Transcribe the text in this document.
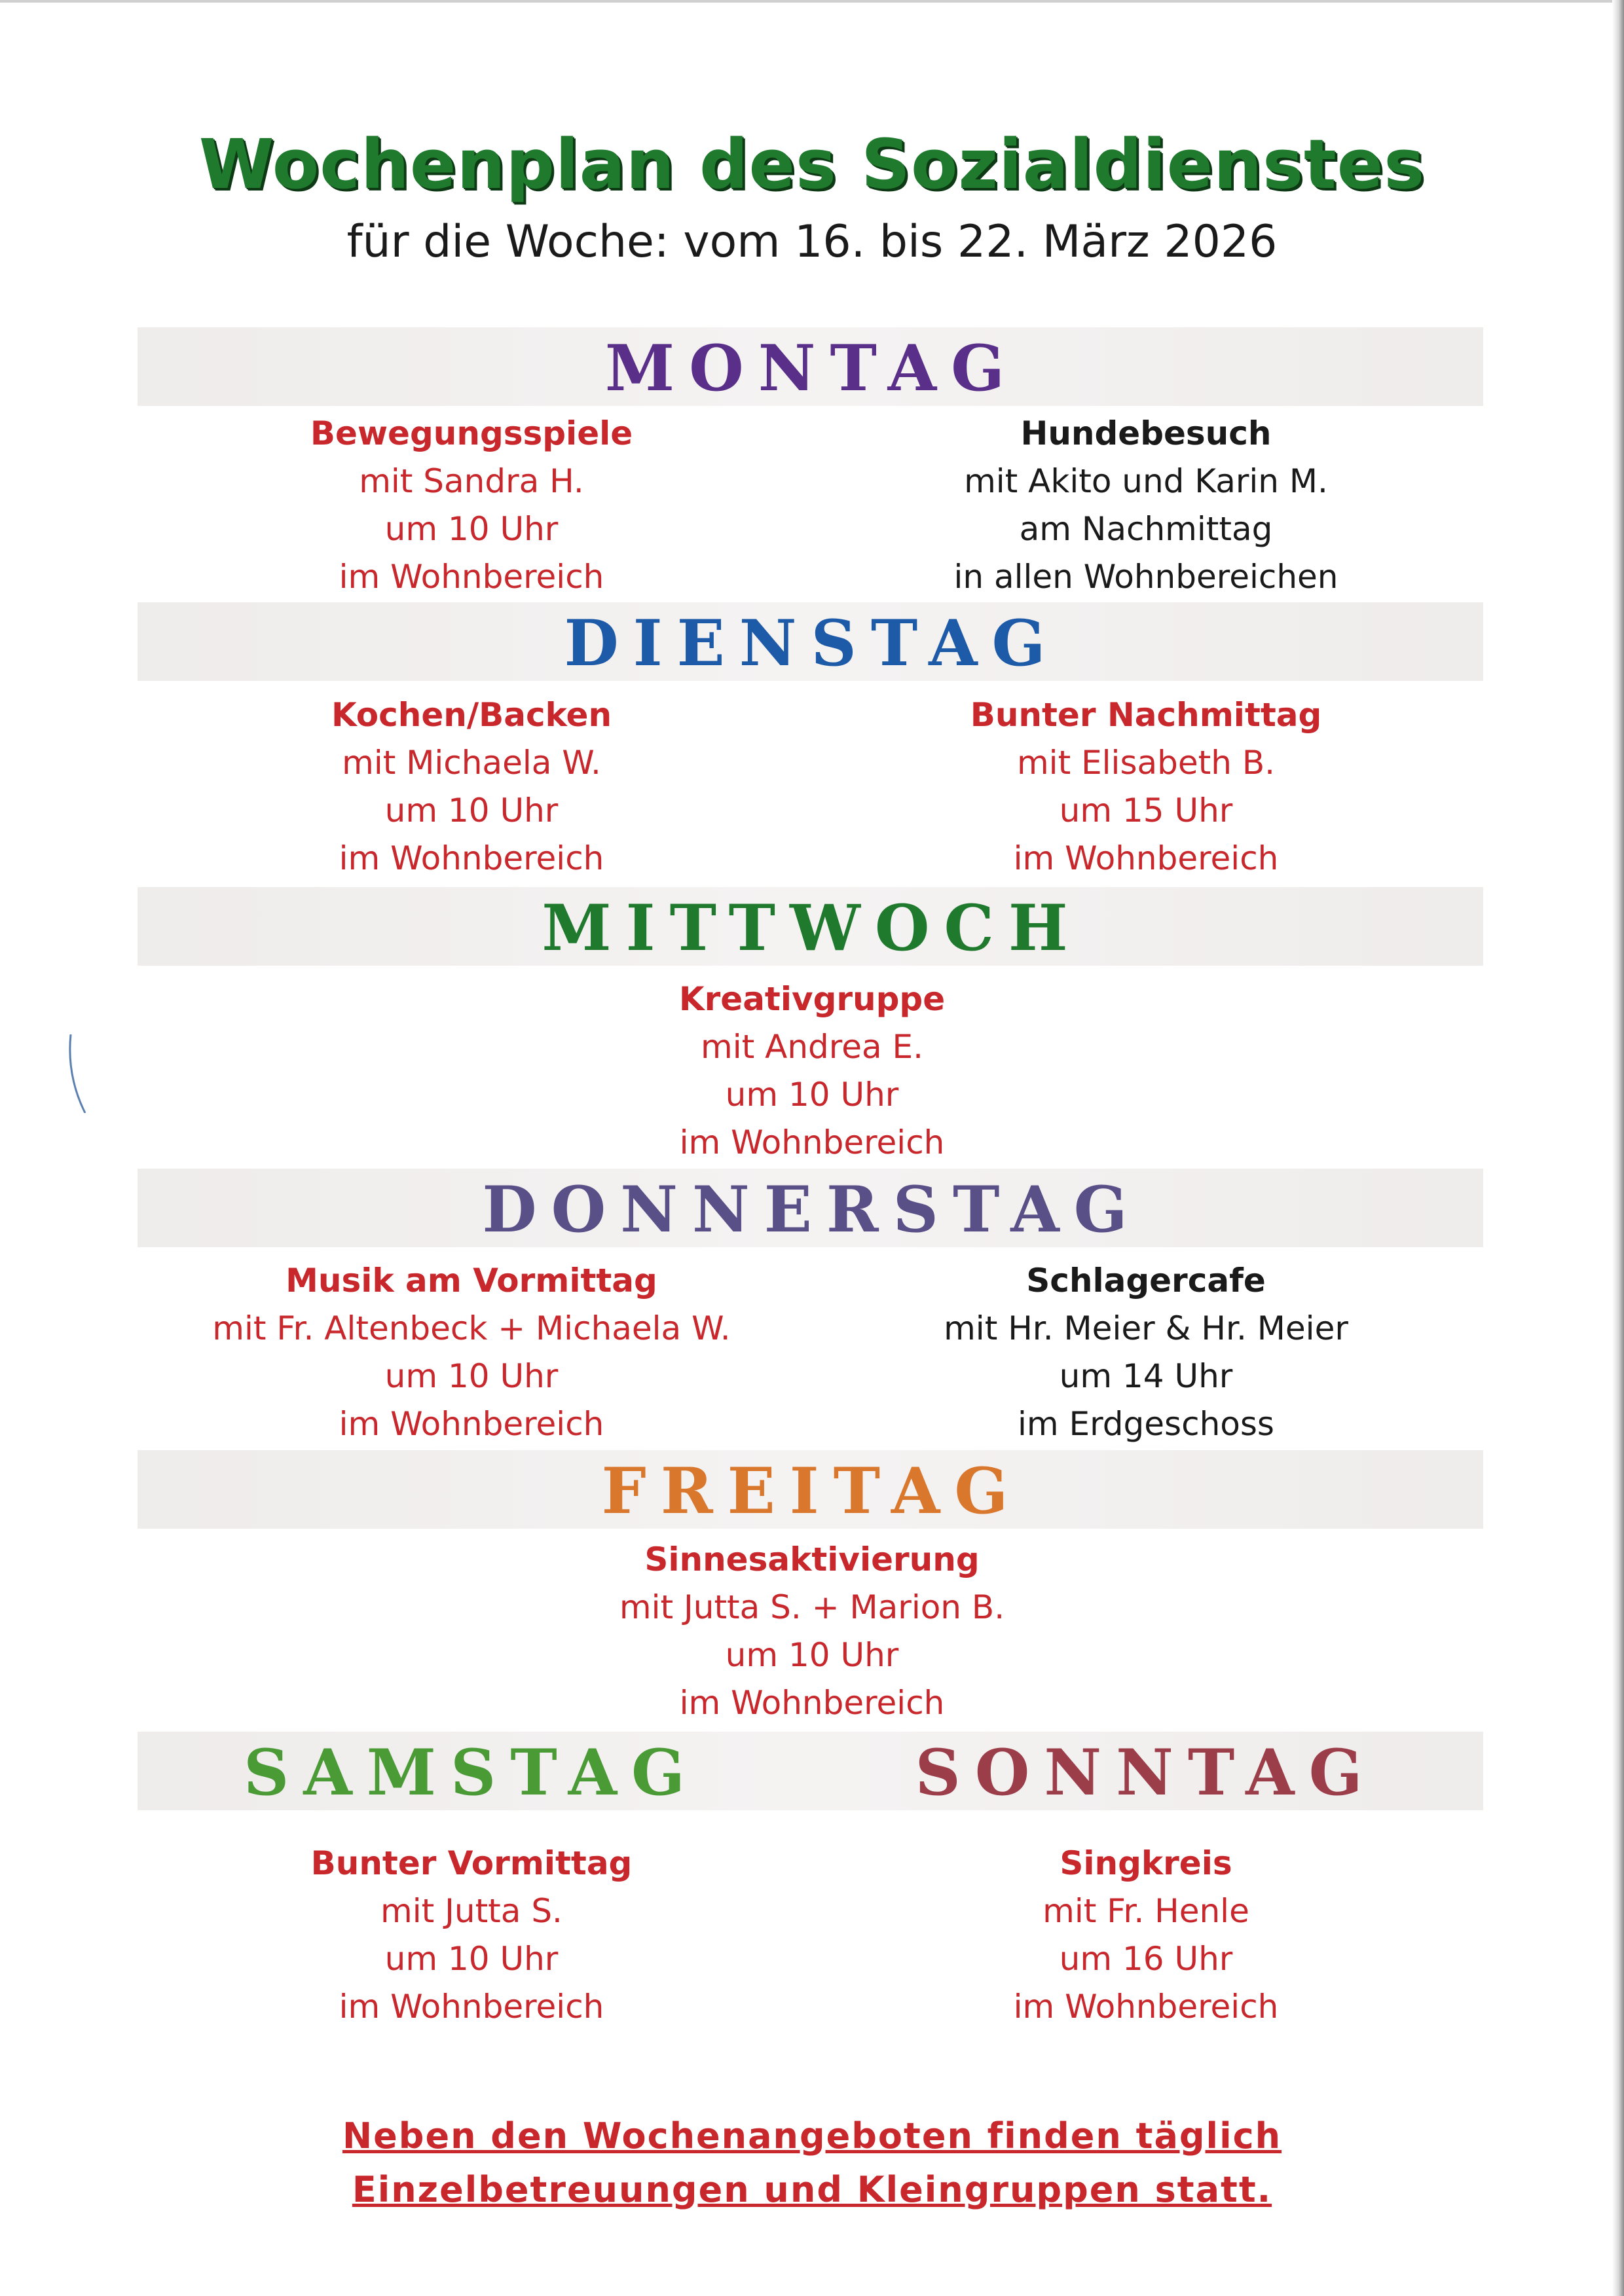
Wochenplan des Sozialdienstes
für die Woche: vom 16. bis 22. März 2026
MONTAG
Bewegungsspiele
mit Sandra H.
um 10 Uhr
im Wohnbereich
Hundebesuch
mit Akito und Karin M.
am Nachmittag
in allen Wohnbereichen
DIENSTAG
Kochen/Backen
mit Michaela W.
um 10 Uhr
im Wohnbereich
Bunter Nachmittag
mit Elisabeth B.
um 15 Uhr
im Wohnbereich
MITTWOCH
Kreativgruppe
mit Andrea E.
um 10 Uhr
im Wohnbereich
DONNERSTAG
Musik am Vormittag
mit Fr. Altenbeck + Michaela W.
um 10 Uhr
im Wohnbereich
Schlagercafe
mit Hr. Meier & Hr. Meier
um 14 Uhr
im Erdgeschoss
FREITAG
Sinnesaktivierung
mit Jutta S. + Marion B.
um 10 Uhr
im Wohnbereich
SAMSTAG	SONNTAG
Bunter Vormittag
mit Jutta S.
um 10 Uhr
im Wohnbereich
Singkreis
mit Fr. Henle
um 16 Uhr
im Wohnbereich
Neben den Wochenangeboten finden täglich
Einzelbetreuungen und Kleingruppen statt.
